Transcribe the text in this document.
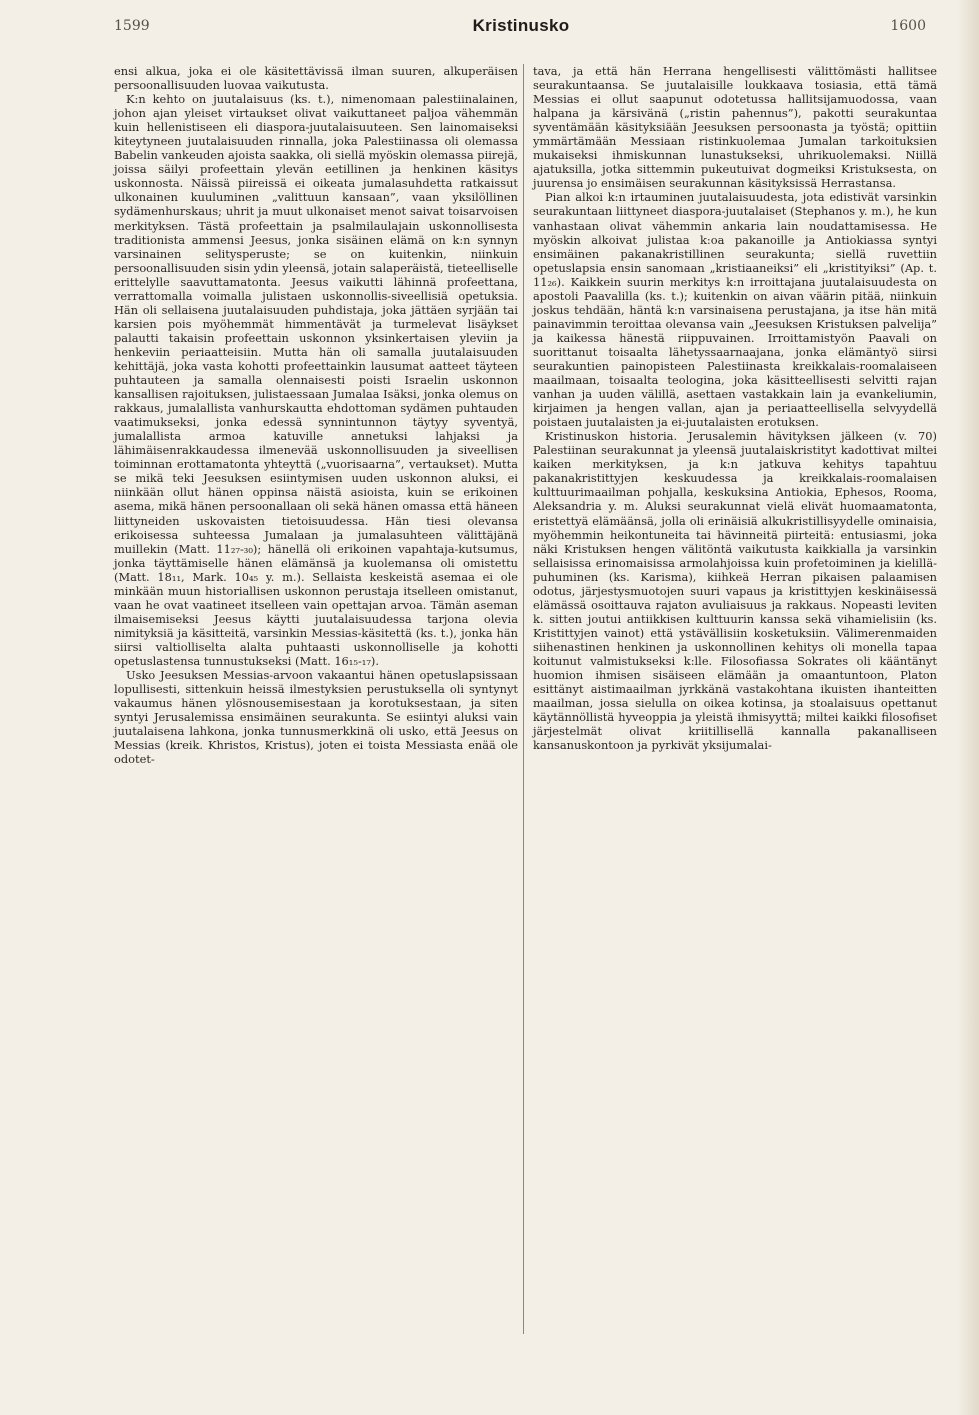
1599	Kristinusko	1600

ensi alkua, joka ei ole käsitettävissä ilman suuren, alkuperäisen persoonallisuuden luovaa vaikutusta.

K:n kehto on juutalaisuus (ks. t.), nimenomaan palestiinalainen, johon ajan yleiset virtaukset olivat vaikuttaneet paljoa vähemmän kuin hellenistiseen eli diaspora-juutalaisuuteen. Sen lainomaiseksi kiteytyneen juutalaisuuden rinnalla, joka Palestiinassa oli olemassa Babelin vankeuden ajoista saakka, oli siellä myöskin olemassa piirejä, joissa säilyi profeettain ylevän eetillinen ja henkinen käsitys uskonnosta. Näissä piireissä ei oikeata jumalasuhdetta ratkaissut ulkonainen kuuluminen „valittuun kansaan”, vaan yksilöllinen sydämenhurskaus; uhrit ja muut ulkonaiset menot saivat toisarvoisen merkityksen. Tästä profeettain ja psalmilaulajain uskonnollisesta traditionista ammensi Jeesus, jonka sisäinen elämä on k:n synnyn varsinainen selitysperuste; se on kuitenkin, niinkuin persoonallisuuden sisin ydin yleensä, jotain salaperäistä, tieteelliselle erittelylle saavuttamatonta. Jeesus vaikutti lähinnä profeettana, verrattomalla voimalla julistaen uskonnollis-siveellisiä opetuksia. Hän oli sellaisena juutalaisuuden puhdistaja, joka jättäen syrjään tai karsien pois myöhemmät himmentävät ja turmelevat lisäykset palautti takaisin profeettain uskonnon yksinkertaisen yleviin ja henkeviin periaatteisiin. Mutta hän oli samalla juutalaisuuden kehittäjä, joka vasta kohotti profeettainkin lausumat aatteet täyteen puhtauteen ja samalla olennaisesti poisti Israelin uskonnon kansallisen rajoituksen, julistaessaan Jumalaa Isäksi, jonka olemus on rakkaus, jumalallista vanhurskautta ehdottoman sydämen puhtauden vaatimukseksi, jonka edessä synnintunnon täytyy syventyä, jumalallista armoa katuville annetuksi lahjaksi ja lähimäisenrakkaudessa ilmenevää uskonnollisuuden ja siveellisen toiminnan erottamatonta yhteyttä („vuorisaarna”, vertaukset). Mutta se mikä teki Jeesuksen esiintymisen uuden uskonnon aluksi, ei niinkään ollut hänen oppinsa näistä asioista, kuin se erikoinen asema, mikä hänen persoonallaan oli sekä hänen omassa että häneen liittyneiden uskovaisten tietoisuudessa. Hän tiesi olevansa erikoisessa suhteessa Jumalaan ja jumalasuhteen välittäjänä muillekin (Matt. 11₂₇-₃₀); hänellä oli erikoinen vapahtaja-kutsumus, jonka täyttämiselle hänen elämänsä ja kuolemansa oli omistettu (Matt. 18₁₁, Mark. 10₄₅ y. m.). Sellaista keskeistä asemaa ei ole minkään muun historiallisen uskonnon perustaja itselleen omistanut, vaan he ovat vaatineet itselleen vain opettajan arvoa. Tämän aseman ilmaisemiseksi Jeesus käytti juutalaisuudessa tarjona olevia nimityksiä ja käsitteitä, varsinkin Messias-käsitettä (ks. t.), jonka hän siirsi valtiolliselta alalta puhtaasti uskonnolliselle ja kohotti opetuslastensa tunnustukseksi (Matt. 16₁₅-₁₇).

Usko Jeesuksen Messias-arvoon vakaantui hänen opetuslapsissaan lopullisesti, sittenkuin heissä ilmestyksien perustuksella oli syntynyt vakaumus hänen ylösnousemisestaan ja korotuksestaan, ja siten syntyi Jerusalemissa ensimäinen seurakunta. Se esiintyi aluksi vain juutalaisena lahkona, jonka tunnusmerkkinä oli usko, että Jeesus on Messias (kreik. Khristos, Kristus), joten ei toista Messiasta enää ole odotet-

tava, ja että hän Herrana hengellisesti välittömästi hallitsee seurakuntaansa. Se juutalaisille loukkaava tosiasia, että tämä Messias ei ollut saapunut odotetussa hallitsijamuodossa, vaan halpana ja kärsivänä („ristin pahennus”), pakotti seurakuntaa syventämään käsityksiään Jeesuksen persoonasta ja työstä; opittiin ymmärtämään Messiaan ristinkuolemaa Jumalan tarkoituksien mukaiseksi ihmiskunnan lunastukseksi, uhrikuolemaksi. Niillä ajatuksilla, jotka sittemmin pukeutuivat dogmeiksi Kristuksesta, on juurensa jo ensimäisen seurakunnan käsityksissä Herrastansa.

Pian alkoi k:n irtauminen juutalaisuudesta, jota edistivät varsinkin seurakuntaan liittyneet diaspora-juutalaiset (Stephanos y. m.), he kun vanhastaan olivat vähemmin ankaria lain noudattamisessa. He myöskin alkoivat julistaa k:oa pakanoille ja Antiokiassa syntyi ensimäinen pakanakristillinen seurakunta; siellä ruvettiin opetuslapsia ensin sanomaan „kristiaaneiksi” eli „kristityiksi” (Ap. t. 11₂₆). Kaikkein suurin merkitys k:n irroittajana juutalaisuudesta on apostoli Paavalilla (ks. t.); kuitenkin on aivan väärin pitää, niinkuin joskus tehdään, häntä k:n varsinaisena perustajana, ja itse hän mitä painavimmin teroittaa olevansa vain „Jeesuksen Kristuksen palvelija” ja kaikessa hänestä riippuvainen. Irroittamistyön Paavali on suorittanut toisaalta lähetyssaarnaajana, jonka elämäntyö siirsi seurakuntien painopisteen Palestiinasta kreikkalais-roomalaiseen maailmaan, toisaalta teologina, joka käsitteellisesti selvitti rajan vanhan ja uuden välillä, asettaen vastakkain lain ja evankeliumin, kirjaimen ja hengen vallan, ajan ja periaatteellisella selvyydellä poistaen juutalaisten ja ei-juutalaisten erotuksen.

Kristinuskon historia. Jerusalemin hävityksen jälkeen (v. 70) Palestiinan seurakunnat ja yleensä juutalaiskristityt kadottivat miltei kaiken merkityksen, ja k:n jatkuva kehitys tapahtuu pakanakristittyjen keskuudessa ja kreikkalais-roomalaisen kulttuurimaailman pohjalla, keskuksina Antiokia, Ephesos, Rooma, Aleksandria y. m. Aluksi seurakunnat vielä elivät huomaamatonta, eristettyä elämäänsä, jolla oli erinäisiä alkukristillisyydelle ominaisia, myöhemmin heikontuneita tai hävinneitä piirteitä: entusiasmi, joka näki Kristuksen hengen välitöntä vaikutusta kaikkialla ja varsinkin sellaisissa erinomaisissa armolahjoissa kuin profetoiminen ja kielillä-puhuminen (ks. Karisma), kiihkeä Herran pikaisen palaamisen odotus, järjestysmuotojen suuri vapaus ja kristittyjen keskinäisessä elämässä osoittauva rajaton avuliaisuus ja rakkaus. Nopeasti leviten k. sitten joutui antiikkisen kulttuurin kanssa sekä vihamielisiin (ks. Kristittyjen vainot) että ystävällisiin kosketuksiin. Välimerenmaiden siihenastinen henkinen ja uskonnollinen kehitys oli monella tapaa koitunut valmistukseksi k:lle. Filosofiassa Sokrates oli kääntänyt huomion ihmisen sisäiseen elämään ja omaantuntoon, Platon esittänyt aistimaailman jyrkkänä vastakohtana ikuisten ihanteitten maailman, jossa sielulla on oikea kotinsa, ja stoalaisuus opettanut käytännöllistä hyveoppia ja yleistä ihmisyyttä; miltei kaikki filosofiset järjestelmät olivat kriitillisellä kannalla pakanalliseen kansanuskontoon ja pyrkivät yksijumalai-
